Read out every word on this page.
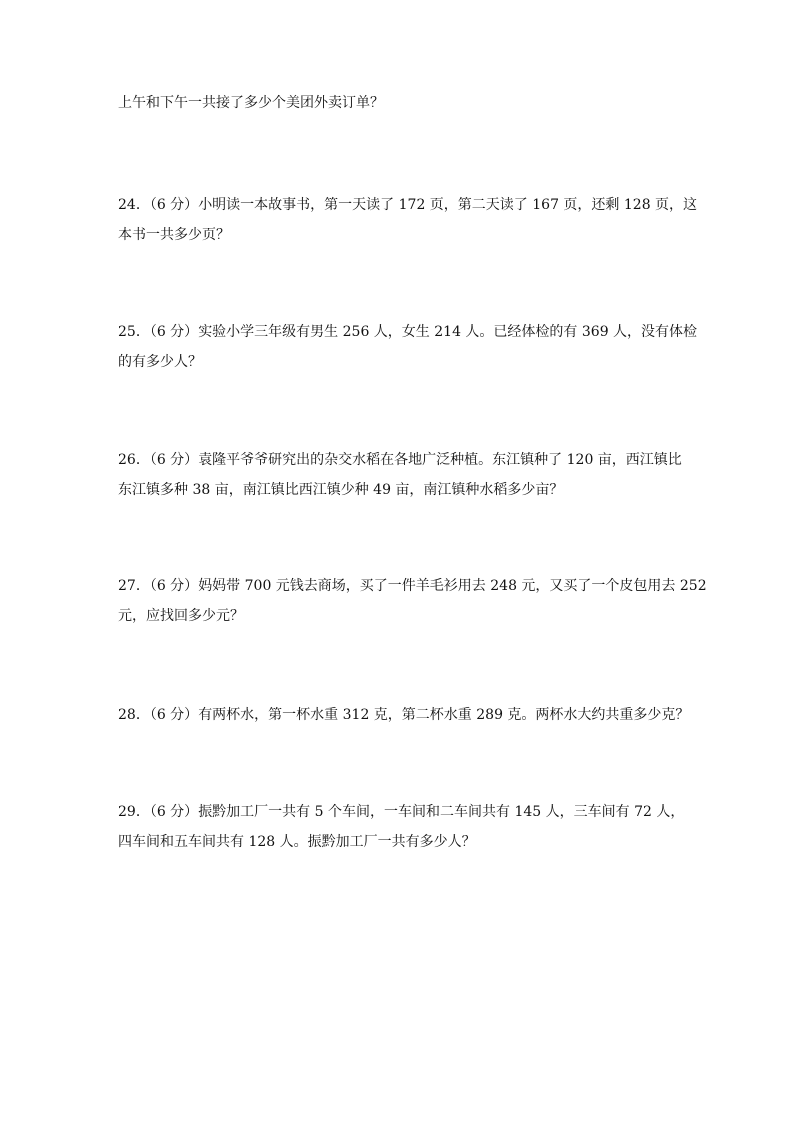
上午和下午一共接了多少个美团外卖订单？
24．（6 分）小明读一本故事书，第一天读了 172 页，第二天读了 167 页，还剩 128 页，这
本书一共多少页？
25．（6 分）实验小学三年级有男生 256 人，女生 214 人。已经体检的有 369 人，没有体检
的有多少人？
26．（6 分）袁隆平爷爷研究出的杂交水稻在各地广泛种植。东江镇种了 120 亩，西江镇比
东江镇多种 38 亩，南江镇比西江镇少种 49 亩，南江镇种水稻多少亩？
27．（6 分）妈妈带 700 元钱去商场，买了一件羊毛衫用去 248 元，又买了一个皮包用去 252
元，应找回多少元？
28．（6 分）有两杯水，第一杯水重 312 克，第二杯水重 289 克。两杯水大约共重多少克？
29．（6 分）振黔加工厂一共有 5 个车间，一车间和二车间共有 145 人，三车间有 72 人，
四车间和五车间共有 128 人。振黔加工厂一共有多少人？
